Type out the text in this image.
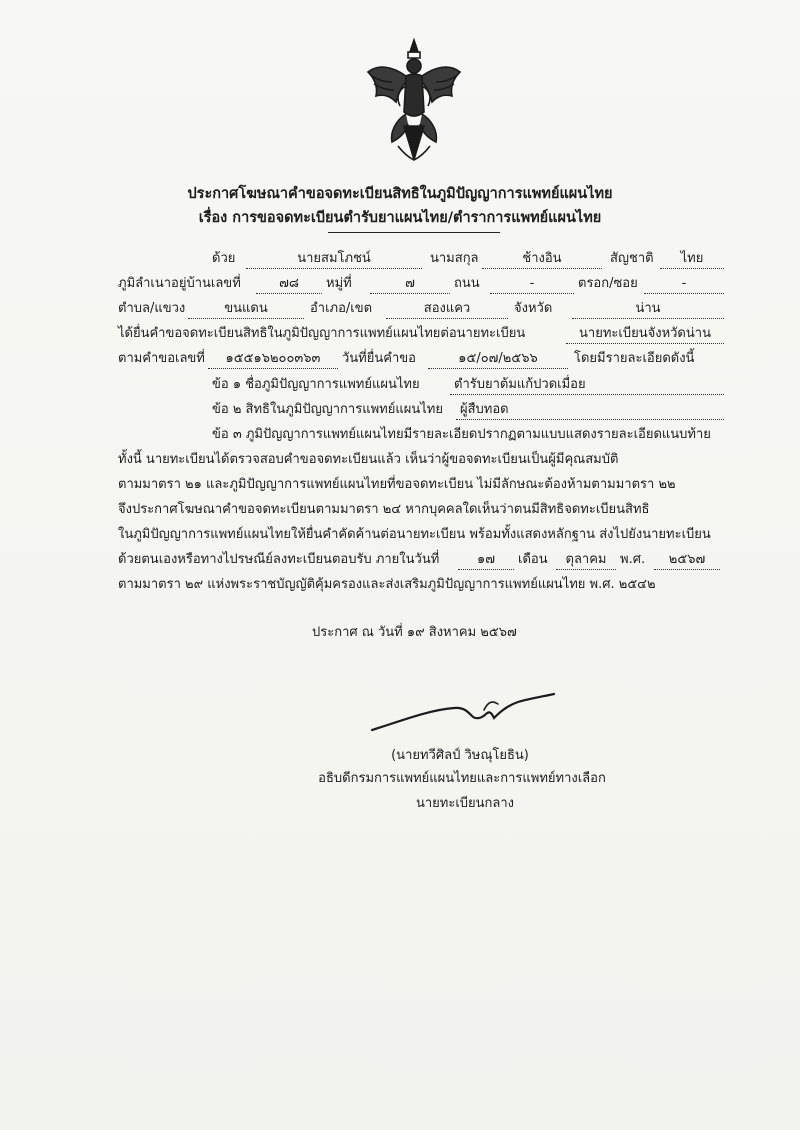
ประกาศโฆษณาคำขอจดทะเบียนสิทธิในภูมิปัญญาการแพทย์แผนไทย
เรื่อง การขอจดทะเบียนตำรับยาแผนไทย/ตำราการแพทย์แผนไทย
ด้วย	นายสมโภชน์	นามสกุล	ช้างอิน	สัญชาติ	ไทย
ภูมิลำเนาอยู่บ้านเลขที่	๗๘	หมู่ที่	๗	ถนน	-	ตรอก/ซอย	-
ตำบล/แขวง	ขนแดน	อำเภอ/เขต	สองแคว	จังหวัด	น่าน
ได้ยื่นคำขอจดทะเบียนสิทธิในภูมิปัญญาการแพทย์แผนไทยต่อนายทะเบียน	นายทะเบียนจังหวัดน่าน
ตามคำขอเลขที่	๑๕๕๑๖๒๐๐๓๖๓	วันที่ยื่นคำขอ	๑๕/๐๗/๒๕๖๖	โดยมีรายละเอียดดังนี้
ข้อ ๑ ชื่อภูมิปัญญาการแพทย์แผนไทย	ตำรับยาต้มแก้ปวดเมื่อย
ข้อ ๒ สิทธิในภูมิปัญญาการแพทย์แผนไทย	ผู้สืบทอด
ข้อ ๓ ภูมิปัญญาการแพทย์แผนไทยมีรายละเอียดปรากฏตามแบบแสดงรายละเอียดแนบท้าย
ทั้งนี้ นายทะเบียนได้ตรวจสอบคำขอจดทะเบียนแล้ว เห็นว่าผู้ขอจดทะเบียนเป็นผู้มีคุณสมบัติ
ตามมาตรา ๒๑ และภูมิปัญญาการแพทย์แผนไทยที่ขอจดทะเบียน ไม่มีลักษณะต้องห้ามตามมาตรา ๒๒
จึงประกาศโฆษณาคำขอจดทะเบียนตามมาตรา ๒๔ หากบุคคลใดเห็นว่าตนมีสิทธิจดทะเบียนสิทธิ
ในภูมิปัญญาการแพทย์แผนไทยให้ยื่นคำคัดค้านต่อนายทะเบียน พร้อมทั้งแสดงหลักฐาน ส่งไปยังนายทะเบียน
ด้วยตนเองหรือทางไปรษณีย์ลงทะเบียนตอบรับ ภายในวันที่	๑๗	เดือน	ตุลาคม	พ.ศ.	๒๕๖๗
ตามมาตรา ๒๙ แห่งพระราชบัญญัติคุ้มครองและส่งเสริมภูมิปัญญาการแพทย์แผนไทย พ.ศ. ๒๕๔๒
ประกาศ ณ วันที่ ๑๙ สิงหาคม ๒๕๖๗
(นายทวีศิลป์ วิษณุโยธิน)
อธิบดีกรมการแพทย์แผนไทยและการแพทย์ทางเลือก
นายทะเบียนกลาง
